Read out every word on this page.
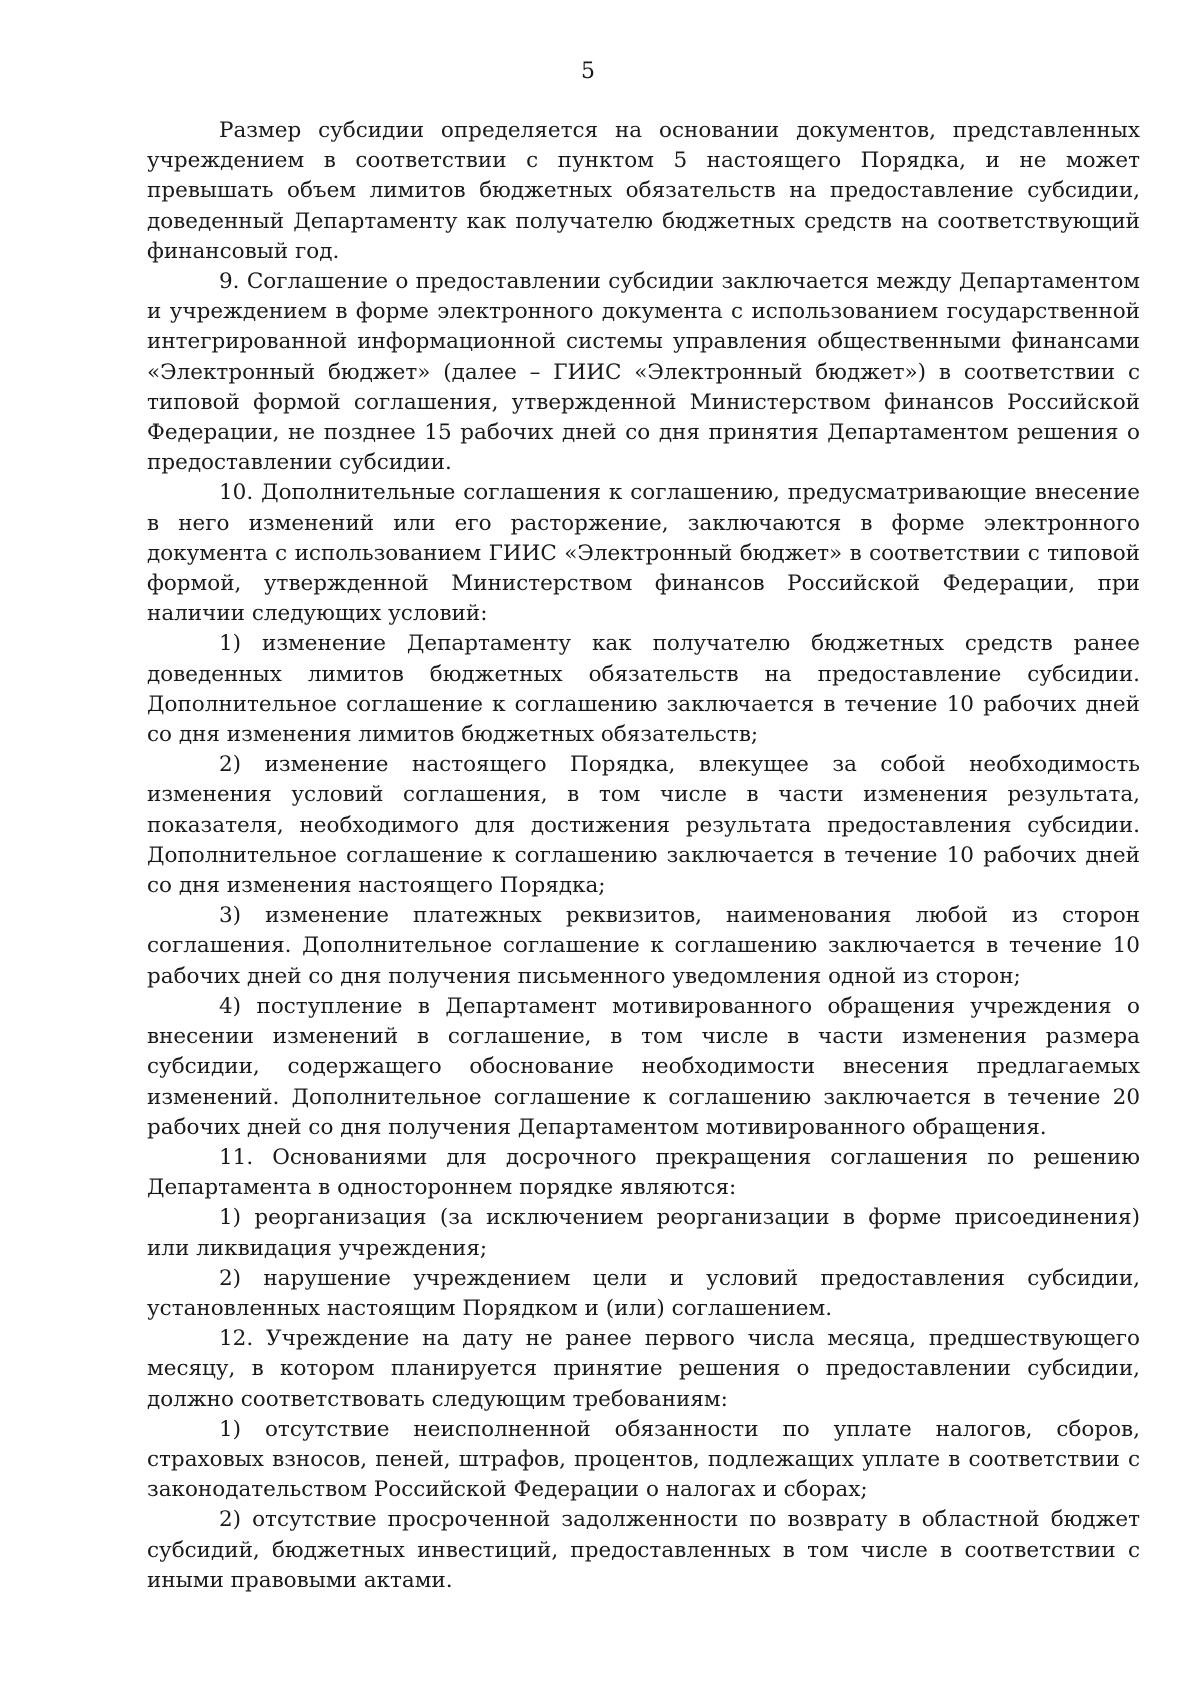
5

Размер субсидии определяется на основании документов, представленных учреждением в соответствии с пунктом 5 настоящего Порядка, и не может превышать объем лимитов бюджетных обязательств на предоставление субсидии, доведенный Департаменту как получателю бюджетных средств на соответствующий финансовый год.

9. Соглашение о предоставлении субсидии заключается между Департаментом и учреждением в форме электронного документа с использованием государственной интегрированной информационной системы управления общественными финансами «Электронный бюджет» (далее – ГИИС «Электронный бюджет») в соответствии с типовой формой соглашения, утвержденной Министерством финансов Российской Федерации, не позднее 15 рабочих дней со дня принятия Департаментом решения о предоставлении субсидии.

10. Дополнительные соглашения к соглашению, предусматривающие внесение в него изменений или его расторжение, заключаются в форме электронного документа с использованием ГИИС «Электронный бюджет» в соответствии с типовой формой, утвержденной Министерством финансов Российской Федерации, при наличии следующих условий:

1) изменение Департаменту как получателю бюджетных средств ранее доведенных лимитов бюджетных обязательств на предоставление субсидии. Дополнительное соглашение к соглашению заключается в течение 10 рабочих дней со дня изменения лимитов бюджетных обязательств;

2) изменение настоящего Порядка, влекущее за собой необходимость изменения условий соглашения, в том числе в части изменения результата, показателя, необходимого для достижения результата предоставления субсидии. Дополнительное соглашение к соглашению заключается в течение 10 рабочих дней со дня изменения настоящего Порядка;

3) изменение платежных реквизитов, наименования любой из сторон соглашения. Дополнительное соглашение к соглашению заключается в течение 10 рабочих дней со дня получения письменного уведомления одной из сторон;

4) поступление в Департамент мотивированного обращения учреждения о внесении изменений в соглашение, в том числе в части изменения размера субсидии, содержащего обоснование необходимости внесения предлагаемых изменений. Дополнительное соглашение к соглашению заключается в течение 20 рабочих дней со дня получения Департаментом мотивированного обращения.

11. Основаниями для досрочного прекращения соглашения по решению Департамента в одностороннем порядке являются:

1) реорганизация (за исключением реорганизации в форме присоединения) или ликвидация учреждения;

2) нарушение учреждением цели и условий предоставления субсидии, установленных настоящим Порядком и (или) соглашением.

12. Учреждение на дату не ранее первого числа месяца, предшествующего месяцу, в котором планируется принятие решения о предоставлении субсидии, должно соответствовать следующим требованиям:

1) отсутствие неисполненной обязанности по уплате налогов, сборов, страховых взносов, пеней, штрафов, процентов, подлежащих уплате в соответствии с законодательством Российской Федерации о налогах и сборах;

2) отсутствие просроченной задолженности по возврату в областной бюджет субсидий, бюджетных инвестиций, предоставленных в том числе в соответствии с иными правовыми актами.
